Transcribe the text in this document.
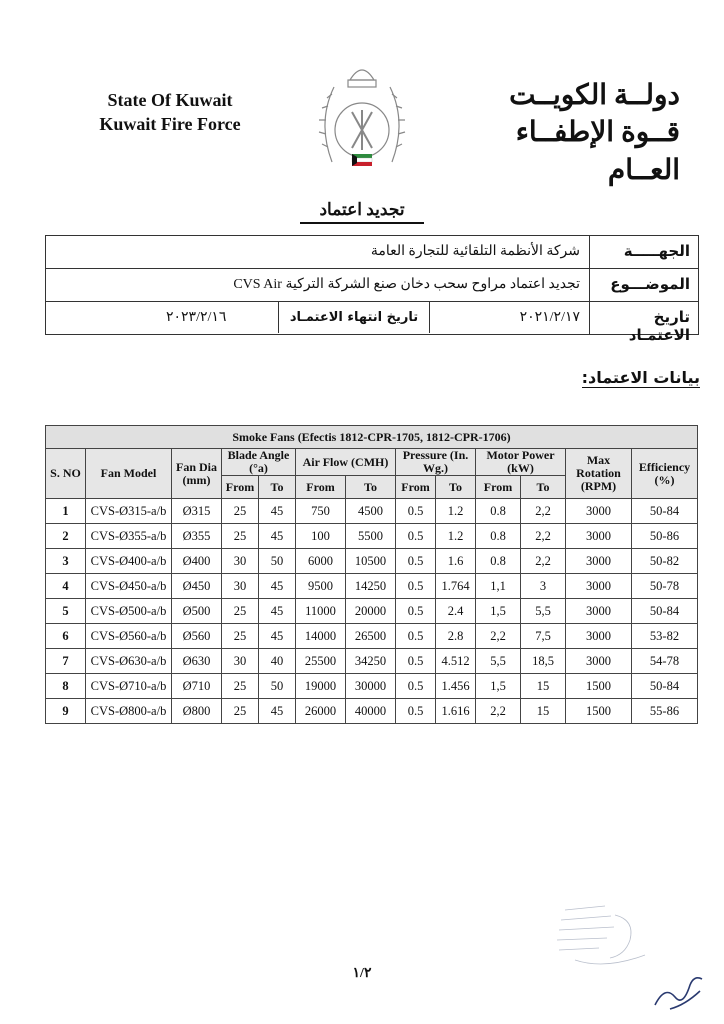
State Of Kuwait
Kuwait Fire Force
دولــة الكويــت
قــوة الإطفــاء العــام
تجديد اعتماد
الجهـــــة
شركة الأنظمة التلقائية للتجارة العامة
الموضـــوع
تجديد اعتماد مراوح سحب دخان صنع الشركة التركية CVS Air
تاريخ الاعتمـاد
٢٠٢١/٢/١٧
تاريخ انتهاء الاعتمـاد
٢٠٢٣/٢/١٦
بيانات الاعتماد:
Smoke Fans (Efectis 1812-CPR-1705, 1812-CPR-1706)												
S. NO	Fan Model	Fan Dia (mm)	Blade Angle (°a)		Air Flow (CMH)		Pressure (In. Wg.)		Motor Power (kW)		Max Rotation (RPM)	Efficiency (%)
			From	To	From	To	From	To	From	To		
1	CVS-Ø315-a/b	Ø315	25	45	750	4500	0.5	1.2	0.8	2,2	3000	50-84
2	CVS-Ø355-a/b	Ø355	25	45	100	5500	0.5	1.2	0.8	2,2	3000	50-86
3	CVS-Ø400-a/b	Ø400	30	50	6000	10500	0.5	1.6	0.8	2,2	3000	50-82
4	CVS-Ø450-a/b	Ø450	30	45	9500	14250	0.5	1.764	1,1	3	3000	50-78
5	CVS-Ø500-a/b	Ø500	25	45	11000	20000	0.5	2.4	1,5	5,5	3000	50-84
6	CVS-Ø560-a/b	Ø560	25	45	14000	26500	0.5	2.8	2,2	7,5	3000	53-82
7	CVS-Ø630-a/b	Ø630	30	40	25500	34250	0.5	4.512	5,5	18,5	3000	54-78
8	CVS-Ø710-a/b	Ø710	25	50	19000	30000	0.5	1.456	1,5	15	1500	50-84
9	CVS-Ø800-a/b	Ø800	25	45	26000	40000	0.5	1.616	2,2	15	1500	55-86
١/٢
